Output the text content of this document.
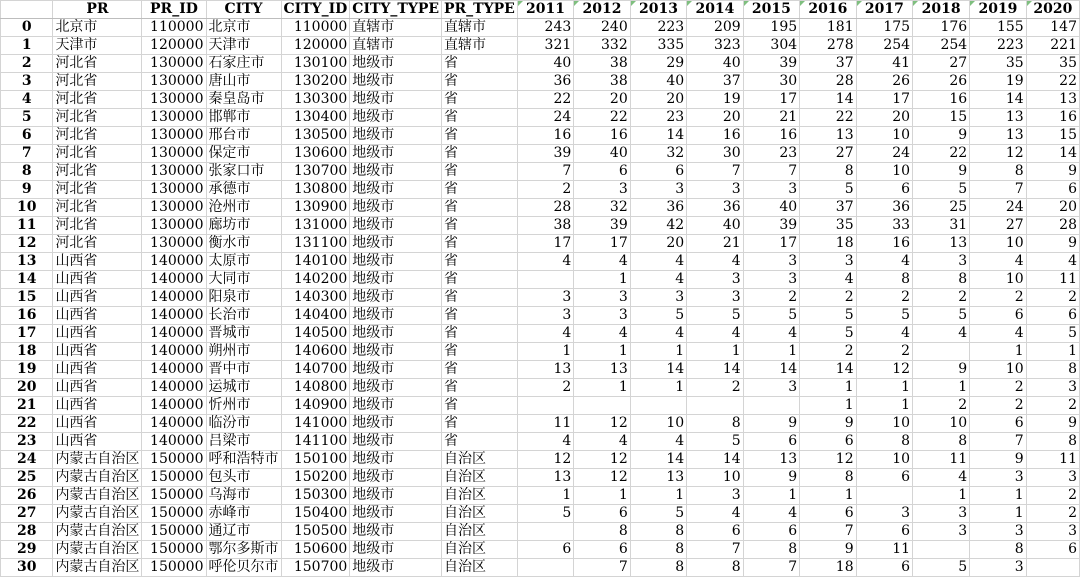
	PR	PR_ID	CITY	CITY_ID	CITY_TYPE	PR_TYPE	2011	2012	2013	2014	2015	2016	2017	2018	2019	2020
0	北京市	110000	北京市	110000	直辖市	直辖市	243	240	223	209	195	181	175	176	155	147
1	天津市	120000	天津市	120000	直辖市	直辖市	321	332	335	323	304	278	254	254	223	221
2	河北省	130000	石家庄市	130100	地级市	省	40	38	29	40	39	37	41	27	35	35
3	河北省	130000	唐山市	130200	地级市	省	36	38	40	37	30	28	26	26	19	22
4	河北省	130000	秦皇岛市	130300	地级市	省	22	20	20	19	17	14	17	16	14	13
5	河北省	130000	邯郸市	130400	地级市	省	24	22	23	20	21	22	20	15	13	16
6	河北省	130000	邢台市	130500	地级市	省	16	16	14	16	16	13	10	9	13	15
7	河北省	130000	保定市	130600	地级市	省	39	40	32	30	23	27	24	22	12	14
8	河北省	130000	张家口市	130700	地级市	省	7	6	6	7	7	8	10	9	8	9
9	河北省	130000	承德市	130800	地级市	省	2	3	3	3	3	5	6	5	7	6
10	河北省	130000	沧州市	130900	地级市	省	28	32	36	36	40	37	36	25	24	20
11	河北省	130000	廊坊市	131000	地级市	省	38	39	42	40	39	35	33	31	27	28
12	河北省	130000	衡水市	131100	地级市	省	17	17	20	21	17	18	16	13	10	9
13	山西省	140000	太原市	140100	地级市	省	4	4	4	4	3	3	4	3	4	4
14	山西省	140000	大同市	140200	地级市	省		1	4	3	3	4	8	8	10	11
15	山西省	140000	阳泉市	140300	地级市	省	3	3	3	3	2	2	2	2	2	2
16	山西省	140000	长治市	140400	地级市	省	3	3	5	5	5	5	5	5	6	6
17	山西省	140000	晋城市	140500	地级市	省	4	4	4	4	4	5	4	4	4	5
18	山西省	140000	朔州市	140600	地级市	省	1	1	1	1	1	2	2		1	1
19	山西省	140000	晋中市	140700	地级市	省	13	13	14	14	14	14	12	9	10	8
20	山西省	140000	运城市	140800	地级市	省	2	1	1	2	3	1	1	1	2	3
21	山西省	140000	忻州市	140900	地级市	省						1	1	2	2	2
22	山西省	140000	临汾市	141000	地级市	省	11	12	10	8	9	9	10	10	6	9
23	山西省	140000	吕梁市	141100	地级市	省	4	4	4	5	6	6	8	8	7	8
24	内蒙古自治区	150000	呼和浩特市	150100	地级市	自治区	12	12	14	14	13	12	10	11	9	11
25	内蒙古自治区	150000	包头市	150200	地级市	自治区	13	12	13	10	9	8	6	4	3	3
26	内蒙古自治区	150000	乌海市	150300	地级市	自治区	1	1	1	3	1	1		1	1	2
27	内蒙古自治区	150000	赤峰市	150400	地级市	自治区	5	6	5	4	4	6	3	3	1	2
28	内蒙古自治区	150000	通辽市	150500	地级市	自治区		8	8	6	6	7	6	3	3	3
29	内蒙古自治区	150000	鄂尔多斯市	150600	地级市	自治区	6	6	8	7	8	9	11		8	6
30	内蒙古自治区	150000	呼伦贝尔市	150700	地级市	自治区		7	8	8	7	18	6	5	3	
